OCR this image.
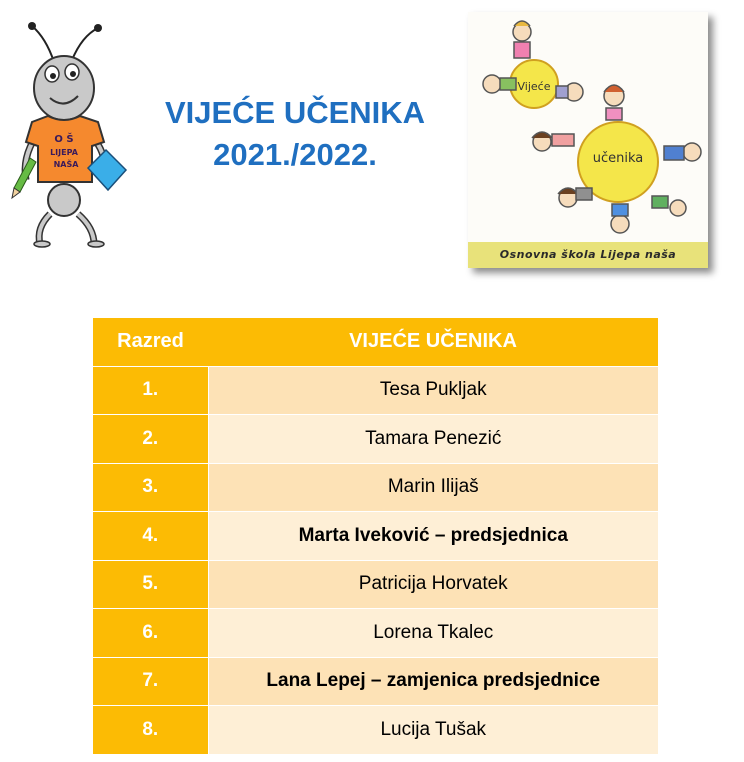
O Š
LIJEPA
NAŠA
VIJEĆE UČENIKA
2021./2022.
Vijeće
učenika
Osnovna škola Lijepa naša
Razred	VIJEĆE UČENIKA
1.	Tesa Pukljak
2.	Tamara Penezić
3.	Marin Ilijaš
4.	Marta Iveković – predsjednica
5.	Patricija Horvatek
6.	Lorena Tkalec
7.	Lana Lepej – zamjenica predsjednice
8.	Lucija Tušak
